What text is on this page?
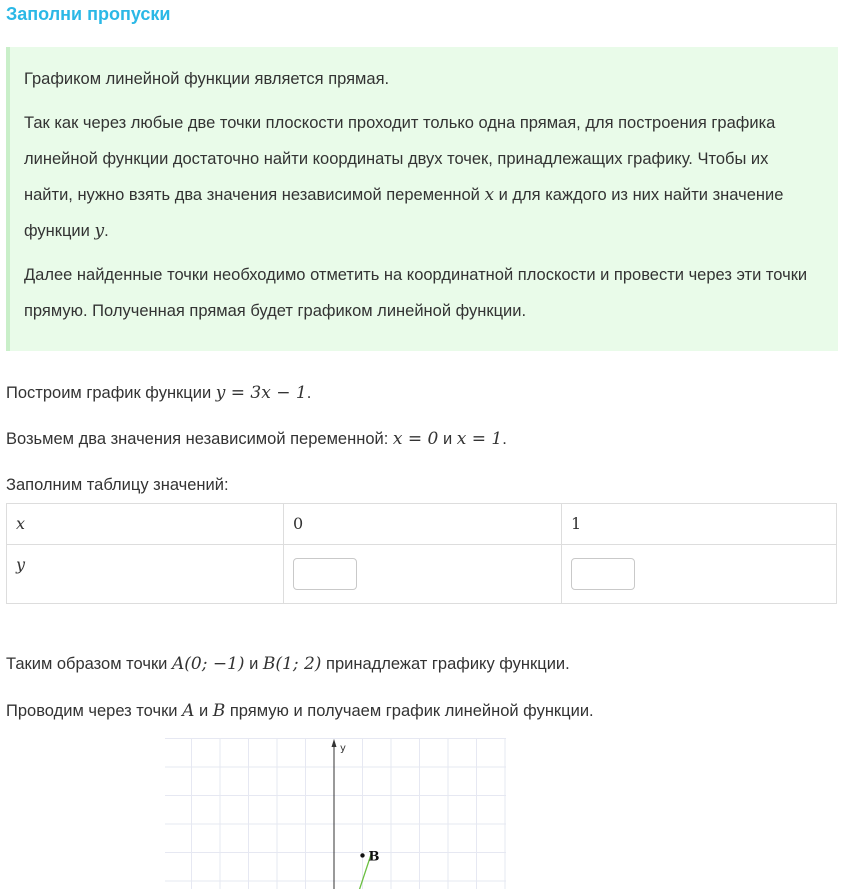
Заполни пропуски

Графиком линейной функции является прямая.

Так как через любые две точки плоскости проходит только одна прямая, для построения графика линейной функции достаточно найти координаты двух точек, принадлежащих графику. Чтобы их найти, нужно взять два значения независимой переменной x и для каждого из них найти значение функции y.

Далее найденные точки необходимо отметить на координатной плоскости и провести через эти точки прямую. Полученная прямая будет графиком линейной функции.

Построим график функции y = 3x − 1.

Возьмем два значения независимой переменной: x = 0 и x = 1.

Заполним таблицу значений:

x	0	1
y	

Таким образом точки A(0; −1) и B(1; 2) принадлежат графику функции.

Проводим через точки A и B прямую и получаем график линейной функции.

y
B
